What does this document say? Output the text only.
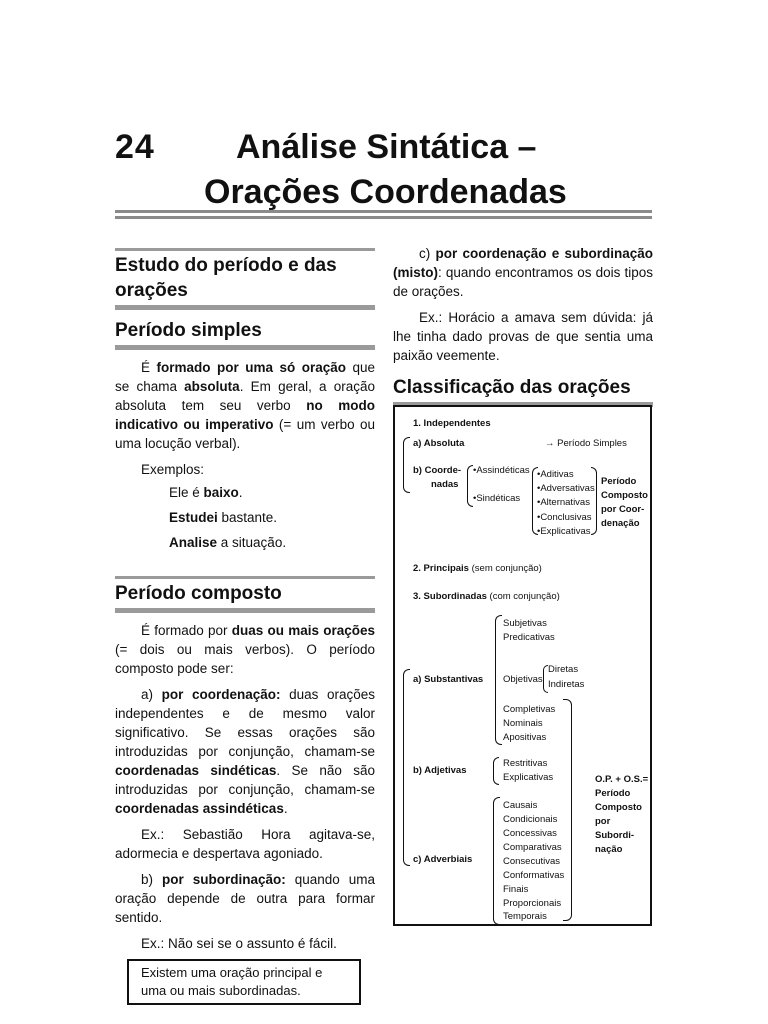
24 Análise Sintática –
Orações Coordenadas
Estudo do período e das orações
Período simples

É formado por uma só oração que se chama absoluta. Em geral, a oração absoluta tem seu verbo no modo indicativo ou imperativo (= um verbo ou uma locução verbal).

Exemplos:
Ele é baixo.
Estudei bastante.
Analise a situação.
Período composto

É formado por duas ou mais orações (= dois ou mais verbos). O período composto pode ser:

a) por coordenação: duas orações independentes e de mesmo valor significativo. Se essas orações são introduzidas por conjunção, chamam-se coordenadas sindéticas. Se não são introduzidas por conjunção, chamam-se coordenadas assindéticas.

Ex.: Sebastião Hora agitava-se, adormecia e despertava agoniado.

b) por subordinação: quando uma oração depende de outra para formar sentido.

Ex.: Não sei se o assunto é fácil.

Existem uma oração principal e uma ou mais subordinadas.

c) por coordenação e subordinação (misto): quando encontramos os dois tipos de orações.

Ex.: Horácio a amava sem dúvida: já lhe tinha dado provas de que sentia uma paixão veemente.

Classificação das orações
1. Independentes
a) Absoluta	→ Período Simples
b) Coorde-
nadas
•Assindéticas
•Sindéticas
•Aditivas
•Adversativas
•Alternativas
•Conclusivas
•Explicativas
Período
Composto
por Coor-
denação
2. Principais (sem conjunção)
3. Subordinadas (com conjunção)
Subjetivas
Predicativas
a) Substantivas Objetivas
Diretas
Indiretas
Completivas
Nominais
Apositivas
b) Adjetivas
Restritivas
Explicativas	O.P. + O.S.=
Período
Composto
por
Subordi-
nação
c) Adverbiais
Causais
Condicionais
Concessivas
Comparativas
Consecutivas
Conformativas
Finais
Proporcionais
Temporais
